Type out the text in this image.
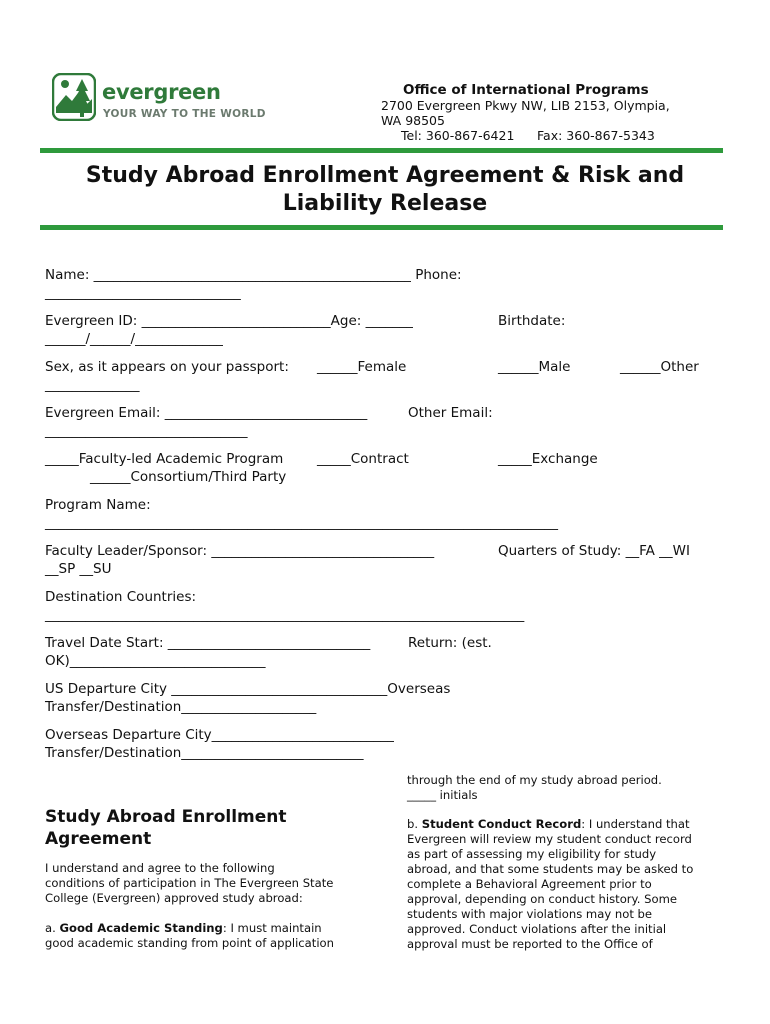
evergreen
YOUR WAY TO THE WORLD
Office of International Programs
2700 Evergreen Pkwy NW, LIB 2153, Olympia,
WA 98505
Tel: 360-867-6421 Fax: 360-867-5343
Study Abroad Enrollment Agreement & Risk and
Liability Release
Name: _______________________________________________ Phone:
_____________________________
Evergreen ID: ____________________________Age: _______	Birthdate:
______/______/_____________
Sex, as it appears on your passport: ______Female	______Male	______Other
______________
Evergreen Email: ______________________________	Other Email:
______________________________
_____Faculty-led Academic Program _____Contract	_____Exchange
______Consortium/Third Party
Program Name:
____________________________________________________________________________
Faculty Leader/Sponsor: _________________________________	Quarters of Study: __FA __WI
__SP __SU
Destination Countries:
_______________________________________________________________________
Travel Date Start: ______________________________	Return: (est.
OK)_____________________________
US Departure City ________________________________Overseas
Transfer/Destination____________________
Overseas Departure City___________________________
Transfer/Destination___________________________
Study Abroad Enrollment
Agreement
I understand and agree to the following
conditions of participation in The Evergreen State
College (Evergreen) approved study abroad:
a. Good Academic Standing: I must maintain
good academic standing from point of application
through the end of my study abroad period.
_____ initials
b. Student Conduct Record: I understand that
Evergreen will review my student conduct record
as part of assessing my eligibility for study
abroad, and that some students may be asked to
complete a Behavioral Agreement prior to
approval, depending on conduct history. Some
students with major violations may not be
approved. Conduct violations after the initial
approval must be reported to the Office of
